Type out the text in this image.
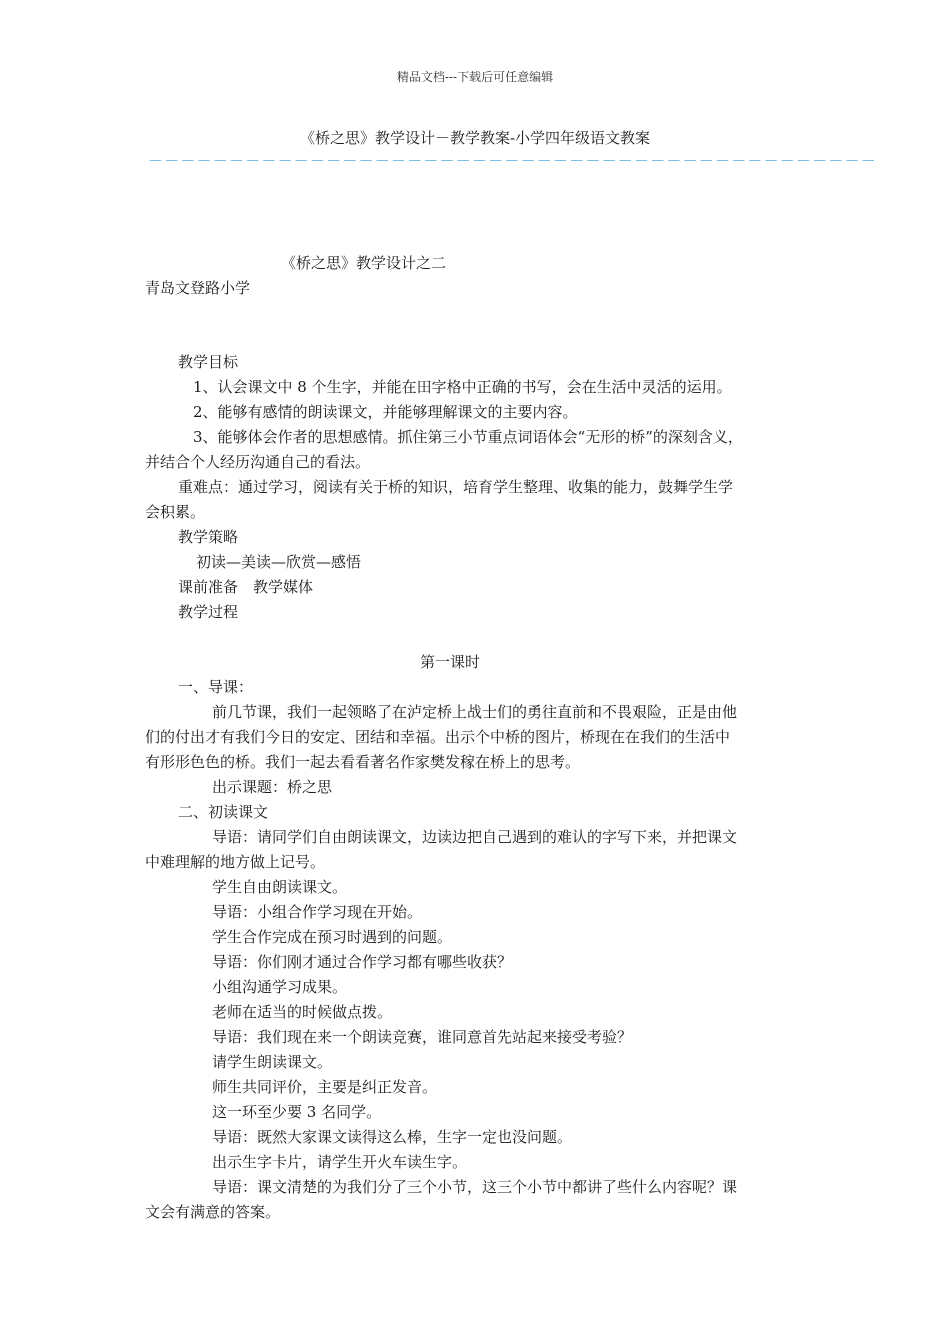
精品文档---下载后可任意编辑
《桥之思》教学设计－教学教案-小学四年级语文教案
－－－－－－－－－－－－－－－－－－－－－－－－－－－－－－－－－－－－－－－－－－－－－
《桥之思》教学设计之二
青岛文登路小学
教学目标
1、认会课文中 8 个生字，并能在田字格中正确的书写，会在生活中灵活的运用。
2、能够有感情的朗读课文，并能够理解课文的主要内容。
3、能够体会作者的思想感情。抓住第三小节重点词语体会“无形的桥”的深刻含义，
并结合个人经历沟通自己的看法。
重难点：通过学习，阅读有关于桥的知识，培育学生整理、收集的能力，鼓舞学生学
会积累。
教学策略
初读—美读—欣赏—感悟
课前准备　教学媒体
教学过程
第一课时
一、导课：
前几节课，我们一起领略了在泸定桥上战士们的勇往直前和不畏艰险，正是由他
们的付出才有我们今日的安定、团结和幸福。出示个中桥的图片，桥现在在我们的生活中
有形形色色的桥。我们一起去看看著名作家樊发稼在桥上的思考。
出示课题：桥之思
二、初读课文
导语：请同学们自由朗读课文，边读边把自己遇到的难认的字写下来，并把课文
中难理解的地方做上记号。
学生自由朗读课文。
导语：小组合作学习现在开始。
学生合作完成在预习时遇到的问题。
导语：你们刚才通过合作学习都有哪些收获？
小组沟通学习成果。
老师在适当的时候做点拨。
导语：我们现在来一个朗读竞赛，谁同意首先站起来接受考验？
请学生朗读课文。
师生共同评价，主要是纠正发音。
这一环至少要 3 名同学。
导语：既然大家课文读得这么棒，生字一定也没问题。
出示生字卡片，请学生开火车读生字。
导语：课文清楚的为我们分了三个小节，这三个小节中都讲了些什么内容呢？课
文会有满意的答案。
